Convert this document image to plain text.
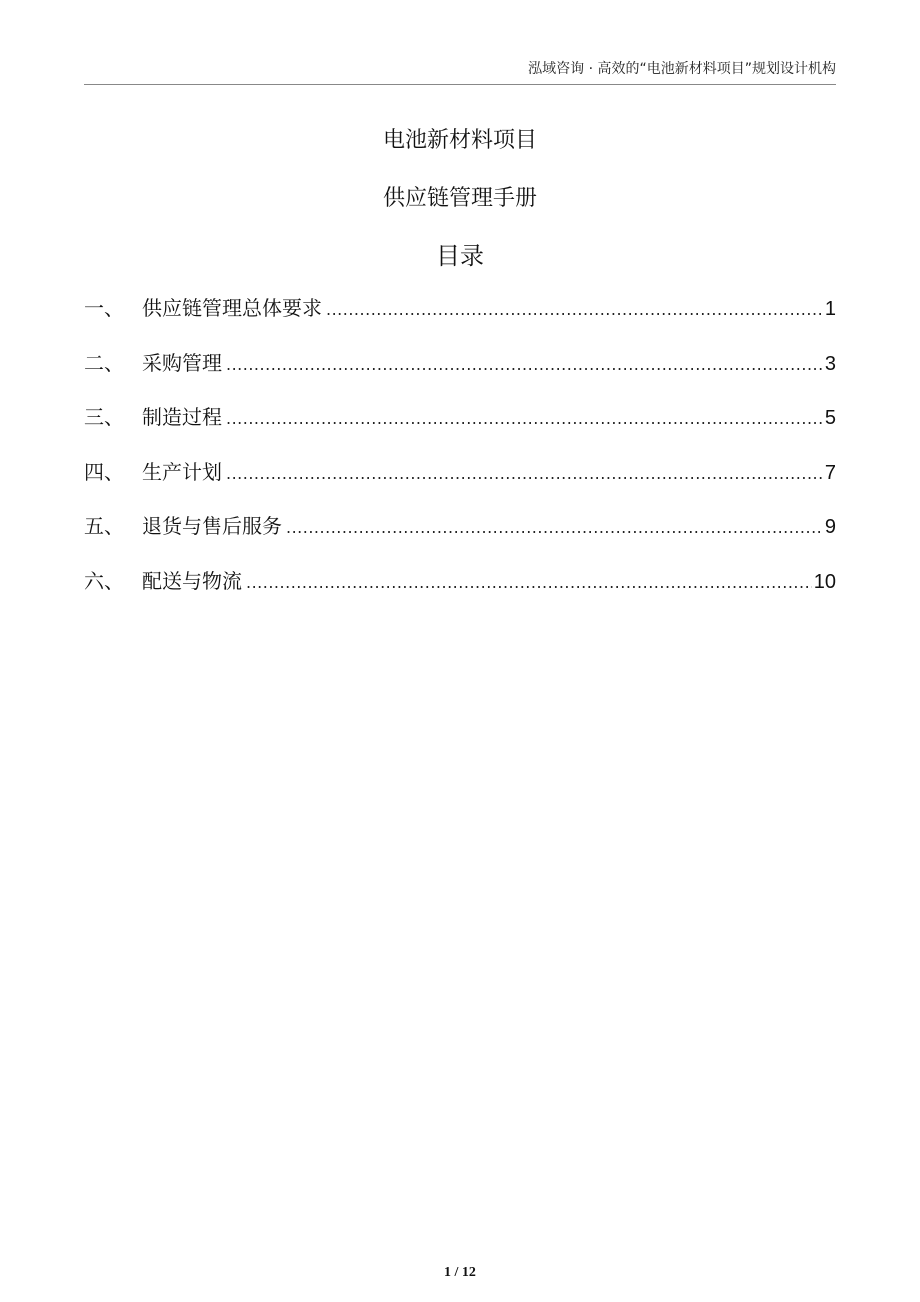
泓域咨询 · 高效的“电池新材料项目”规划设计机构
电池新材料项目
供应链管理手册
目录
一、 供应链管理总体要求 .....	1
二、 采购管理 .....	3
三、 制造过程 .....	5
四、 生产计划 .....	7
五、 退货与售后服务 .....	9
六、 配送与物流 .....	10
1 / 12
